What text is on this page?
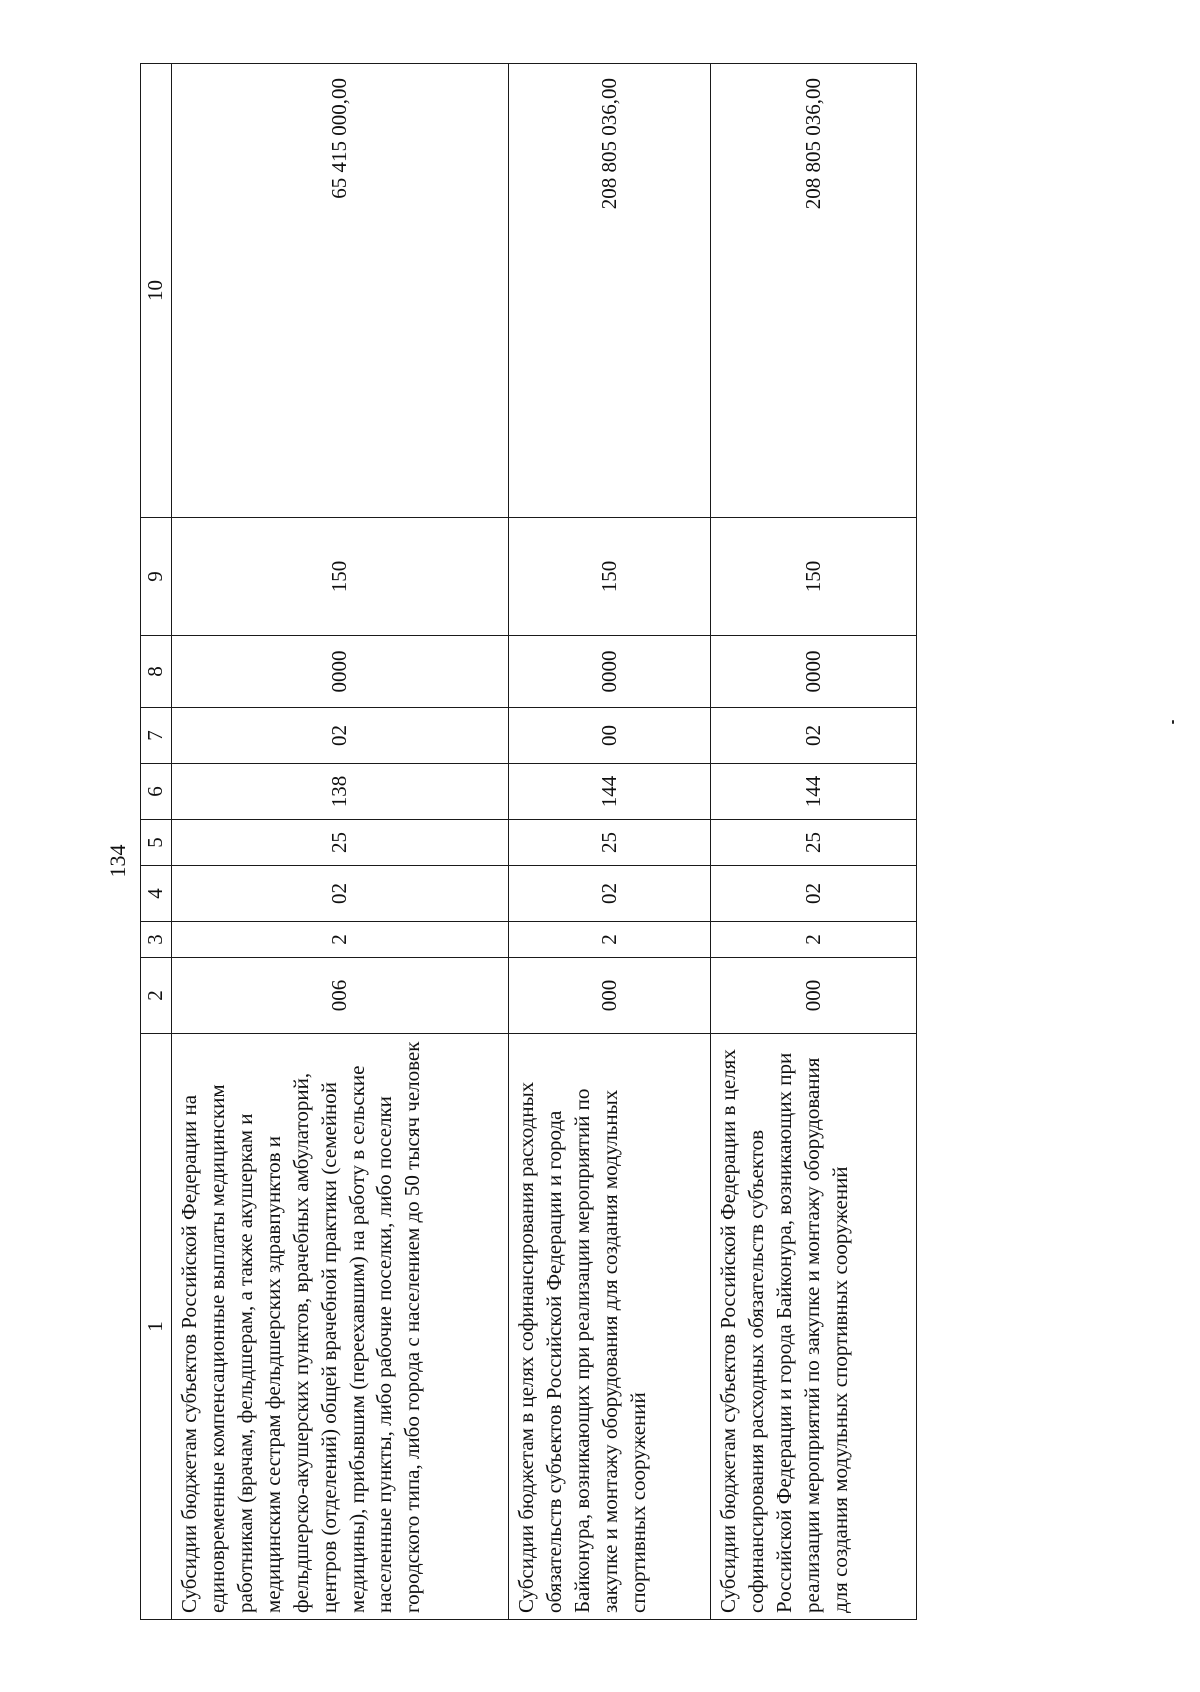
134
1	2	3	4	5	6	7	8	9	10
Субсидии бюджетам субъектов Российской Федерации на единовременные компенсационные выплаты медицинским работникам (врачам, фельдшерам, а также акушеркам и медицинским сестрам фельдшерских здравпунктов и фельдшерско-акушерских пунктов, врачебных амбулаторий, центров (отделений) общей врачебной практики (семейной медицины), прибывшим (переехавшим) на работу в сельские населенные пункты, либо рабочие поселки, либо поселки городского типа, либо города с населением до 50 тысяч человек	006	2	02	25	138	02	0000	150	65 415 000,00
Субсидии бюджетам в целях софинансирования расходных обязательств субъектов Российской Федерации и города Байконура, возникающих при реализации мероприятий по закупке и монтажу оборудования для создания модульных спортивных сооружений	000	2	02	25	144	00	0000	150	208 805 036,00
Субсидии бюджетам субъектов Российской Федерации в целях софинансирования расходных обязательств субъектов Российской Федерации и города Байконура, возникающих при реализации мероприятий по закупке и монтажу оборудования для создания модульных спортивных сооружений	000	2	02	25	144	02	0000	150	208 805 036,00
